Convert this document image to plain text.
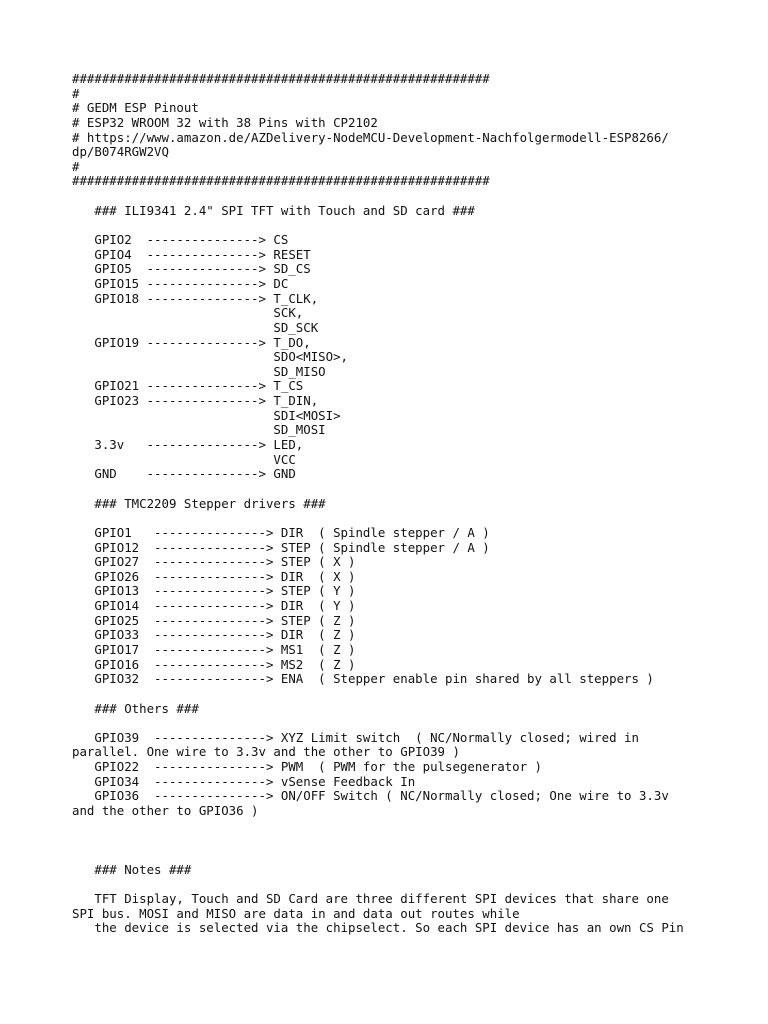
########################################################
#
# GEDM ESP Pinout
# ESP32 WROOM 32 with 38 Pins with CP2102
# https://www.amazon.de/AZDelivery-NodeMCU-Development-Nachfolgermodell-ESP8266/
dp/B074RGW2VQ
#
########################################################
### ILI9341 2.4" SPI TFT with Touch and SD card ###
GPIO2  ---------------> CS
GPIO4  ---------------> RESET
GPIO5  ---------------> SD_CS
GPIO15 ---------------> DC
GPIO18 ---------------> T_CLK,
SCK,
SD_SCK
GPIO19 ---------------> T_DO,
SDO<MISO>,
SD_MISO
GPIO21 ---------------> T_CS
GPIO23 ---------------> T_DIN,
SDI<MOSI>
SD_MOSI
3.3v   ---------------> LED,
VCC
GND    ---------------> GND
### TMC2209 Stepper drivers ###
GPIO1   ---------------> DIR  ( Spindle stepper / A )
GPIO12  ---------------> STEP ( Spindle stepper / A )
GPIO27  ---------------> STEP ( X )
GPIO26  ---------------> DIR  ( X )
GPIO13  ---------------> STEP ( Y )
GPIO14  ---------------> DIR  ( Y )
GPIO25  ---------------> STEP ( Z )
GPIO33  ---------------> DIR  ( Z )
GPIO17  ---------------> MS1  ( Z )
GPIO16  ---------------> MS2  ( Z )
GPIO32  ---------------> ENA  ( Stepper enable pin shared by all steppers )
### Others ###
GPIO39  ---------------> XYZ Limit switch  ( NC/Normally closed; wired in
parallel. One wire to 3.3v and the other to GPIO39 )
GPIO22  ---------------> PWM  ( PWM for the pulsegenerator )
GPIO34  ---------------> vSense Feedback In
GPIO36  ---------------> ON/OFF Switch ( NC/Normally closed; One wire to 3.3v
and the other to GPIO36 )
### Notes ###
TFT Display, Touch and SD Card are three different SPI devices that share one
SPI bus. MOSI and MISO are data in and data out routes while
the device is selected via the chipselect. So each SPI device has an own CS Pin
